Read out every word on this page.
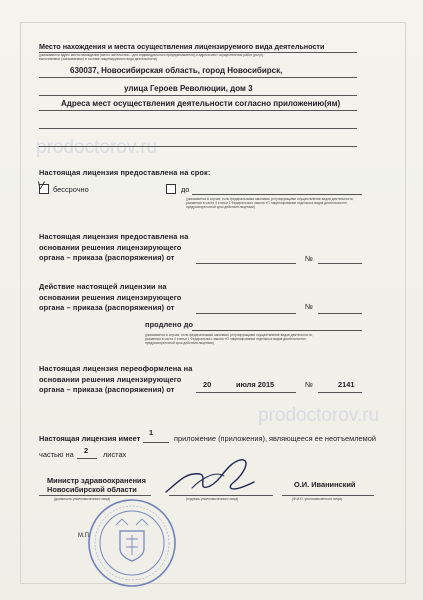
prodoctorov.ru
prodoctorov.ru
Место нахождения и места осуществления лицензируемого вида деятельности
(указываются адрес места нахождения (место жительства – для индивидуального предпринимателя) и адреса мест осуществления работ (услуг),
выполняемых (оказываемых) в составе лицензируемого вида деятельности)
630037, Новосибирская область, город Новосибирск,
улица Героев Революции, дом 3
Адреса мест осуществления деятельности согласно приложению(ям)
Настоящая лицензия предоставлена на срок:
V бессрочно	до
(указывается в случае, если федеральными законами, регулирующими осуществление видов деятельности,
указанных в части 4 статьи 1 Федерального закона «О лицензировании отдельных видов деятельности»,
предусмотрен иной срок действия лицензии)
Настоящая лицензия предоставлена на
основании решения лицензирующего
органа – приказа (распоряжения) от	№
Действие настоящей лицензии на
основании решения лицензирующего
органа – приказа (распоряжения) от	№
продлено до
(указывается в случае, если федеральными законами, регулирующими осуществление видов деятельности,
указанных в части 4 статьи 1 Федерального закона «О лицензировании отдельных видов деятельности»,
предусмотрен иной срок действия лицензии)
Настоящая лицензия переоформлена на
основании решения лицензирующего
органа – приказа (распоряжения) от
20	июля 2015	№	2141
Настоящая лицензия имеет
1
приложение (приложения), являющееся ее неотъемлемой
частью на 2 листах
Министр здравоохранения
Новосибирской области
(должность уполномоченного лица)	(подпись уполномоченного лица)
О.И. Иванинский
(Ф.И.О. уполномоченного лица)
М.П.
